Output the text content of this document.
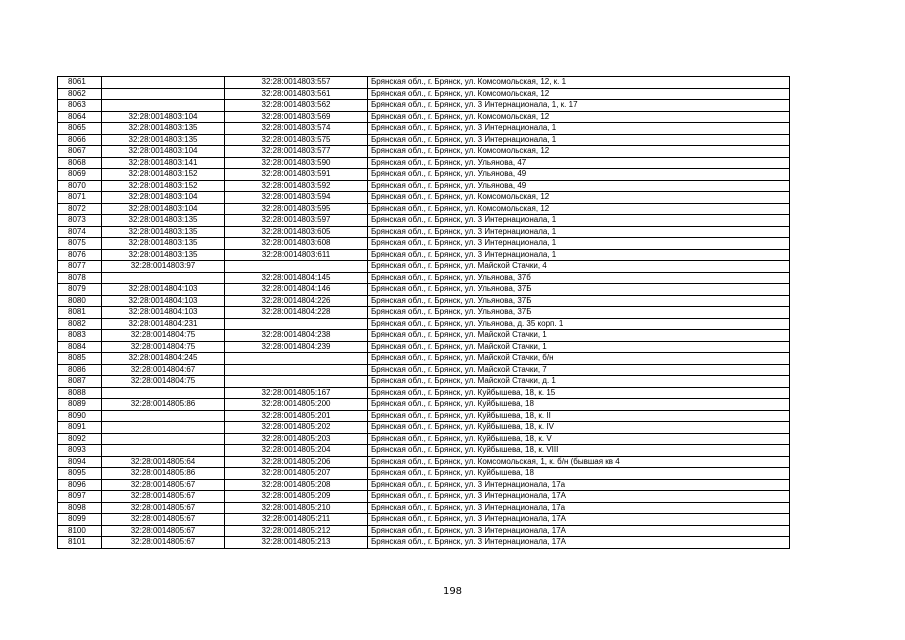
8061		32:28:0014803:557	Брянская обл., г. Брянск, ул. Комсомольская, 12, к. 1
8062		32:28:0014803:561	Брянская обл., г. Брянск, ул. Комсомольская, 12
8063		32:28:0014803:562	Брянская обл., г. Брянск, ул. 3 Интернационала, 1, к. 17
8064	32:28:0014803:104	32:28:0014803:569	Брянская обл., г. Брянск, ул. Комсомольская, 12
8065	32:28:0014803:135	32:28:0014803:574	Брянская обл., г. Брянск, ул. 3 Интернационала, 1
8066	32:28:0014803:135	32:28:0014803:575	Брянская обл., г. Брянск, ул. 3 Интернационала, 1
8067	32:28:0014803:104	32:28:0014803:577	Брянская обл., г. Брянск, ул. Комсомольская, 12
8068	32:28:0014803:141	32:28:0014803:590	Брянская обл., г. Брянск, ул. Ульянова, 47
8069	32:28:0014803:152	32:28:0014803:591	Брянская обл., г. Брянск, ул. Ульянова, 49
8070	32:28:0014803:152	32:28:0014803:592	Брянская обл., г. Брянск, ул. Ульянова, 49
8071	32:28:0014803:104	32:28:0014803:594	Брянская обл., г. Брянск, ул. Комсомольская, 12
8072	32:28:0014803:104	32:28:0014803:595	Брянская обл., г. Брянск, ул. Комсомольская, 12
8073	32:28:0014803:135	32:28:0014803:597	Брянская обл., г. Брянск, ул. 3 Интернационала, 1
8074	32:28:0014803:135	32:28:0014803:605	Брянская обл., г. Брянск, ул. 3 Интернационала, 1
8075	32:28:0014803:135	32:28:0014803:608	Брянская обл., г. Брянск, ул. 3 Интернационала, 1
8076	32:28:0014803:135	32:28:0014803:611	Брянская обл., г. Брянск, ул. 3 Интернационала, 1
8077	32:28:0014803:97		Брянская обл., г. Брянск, ул. Майской Стачки, 4
8078		32:28:0014804:145	Брянская обл., г. Брянск, ул. Ульянова, 37б
8079	32:28:0014804:103	32:28:0014804:146	Брянская обл., г. Брянск, ул. Ульянова, 37Б
8080	32:28:0014804:103	32:28:0014804:226	Брянская обл., г. Брянск, ул. Ульянова, 37Б
8081	32:28:0014804:103	32:28:0014804:228	Брянская обл., г. Брянск, ул. Ульянова, 37Б
8082	32:28:0014804:231		Брянская обл., г. Брянск, ул. Ульянова, д. 35 корп. 1
8083	32:28:0014804:75	32:28:0014804:238	Брянская обл., г. Брянск, ул. Майской Стачки, 1
8084	32:28:0014804:75	32:28:0014804:239	Брянская обл., г. Брянск, ул. Майской Стачки, 1
8085	32:28:0014804:245		Брянская обл., г. Брянск, ул. Майской Стачки, б/н
8086	32:28:0014804:67		Брянская обл., г. Брянск, ул. Майской Стачки, 7
8087	32:28:0014804:75		Брянская обл., г. Брянск, ул. Майской Стачки, д. 1
8088		32:28:0014805:167	Брянская обл., г. Брянск, ул. Куйбышева, 18, к. 15
8089	32:28:0014805:86	32:28:0014805:200	Брянская обл., г. Брянск, ул. Куйбышева, 18
8090		32:28:0014805:201	Брянская обл., г. Брянск, ул. Куйбышева, 18, к. II
8091		32:28:0014805:202	Брянская обл., г. Брянск, ул. Куйбышева, 18, к. IV
8092		32:28:0014805:203	Брянская обл., г. Брянск, ул. Куйбышева, 18, к. V
8093		32:28:0014805:204	Брянская обл., г. Брянск, ул. Куйбышева, 18, к. VIII
8094	32:28:0014805:64	32:28:0014805:206	Брянская обл., г. Брянск, ул. Комсомольская, 1, к. б/н (бывшая кв 4
8095	32:28:0014805:86	32:28:0014805:207	Брянская обл., г. Брянск, ул. Куйбышева, 18
8096	32:28:0014805:67	32:28:0014805:208	Брянская обл., г. Брянск, ул. 3 Интернационала, 17а
8097	32:28:0014805:67	32:28:0014805:209	Брянская обл., г. Брянск, ул. 3 Интернационала, 17А
8098	32:28:0014805:67	32:28:0014805:210	Брянская обл., г. Брянск, ул. 3 Интернационала, 17а
8099	32:28:0014805:67	32:28:0014805:211	Брянская обл., г. Брянск, ул. 3 Интернационала, 17А
8100	32:28:0014805:67	32:28:0014805:212	Брянская обл., г. Брянск, ул. 3 Интернационала, 17А
8101	32:28:0014805:67	32:28:0014805:213	Брянская обл., г. Брянск, ул. 3 Интернационала, 17А
198
